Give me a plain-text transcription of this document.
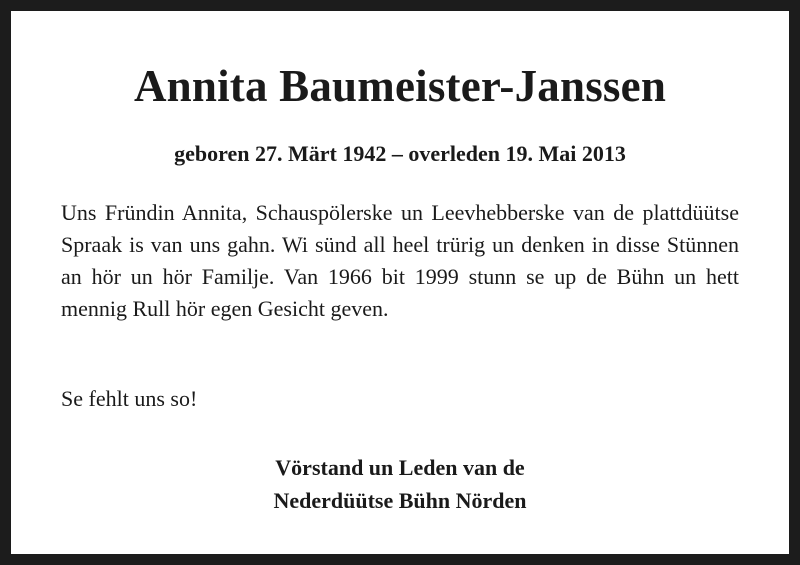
Annita Baumeister-Janssen

geboren 27. Märt 1942 – overleden 19. Mai 2013

Uns Fründin Annita, Schauspölerske un Leevhebberske van de plattdüütse Spraak is van uns gahn. Wi sünd all heel trürig un denken in disse Stünnen an hör un hör Familje. Van 1966 bit 1999 stunn se up de Bühn un hett mennig Rull hör egen Gesicht geven.

Se fehlt uns so!

Vörstand un Leden van de
Nederdüütse Bühn Nörden
